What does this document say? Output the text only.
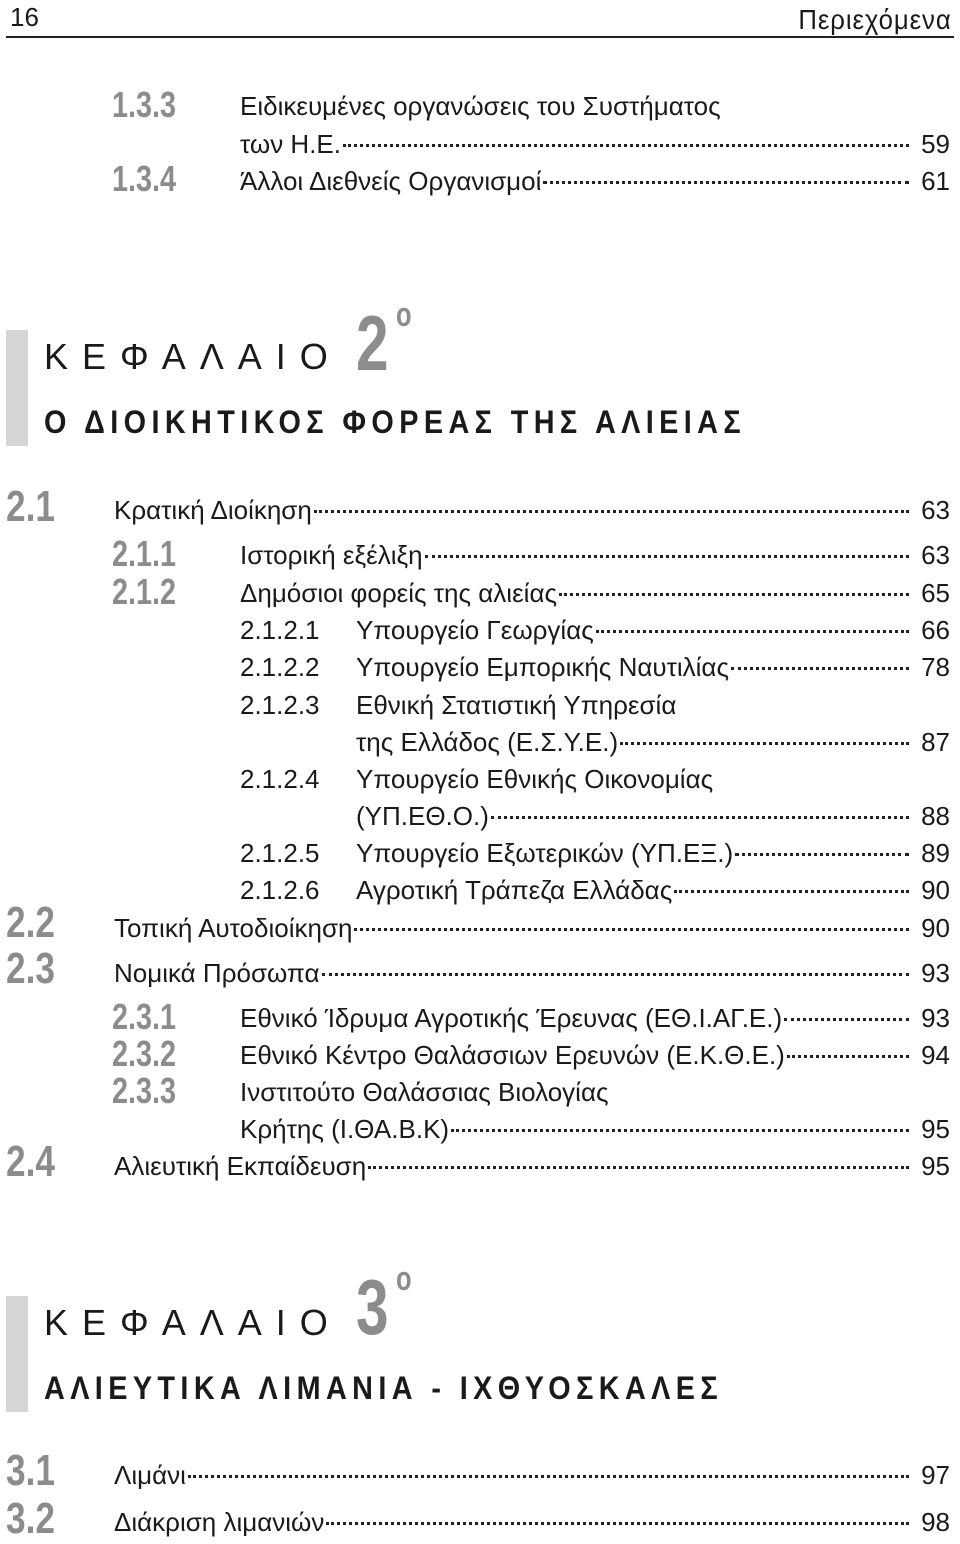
16	Περιεχόμενα
1.3.3 Ειδικευμένες οργανώσεις του Συστήματος
των Η.Ε.	59
1.3.4 Άλλοι Διεθνείς Οργανισμοί	61
ΚΕΦΑΛΑΙΟ 2 ο
Ο ΔΙΟΙΚΗΤΙΚΟΣ ΦΟΡΕΑΣ ΤΗΣ ΑΛΙΕΙΑΣ
2.1 Κρατική Διοίκηση	63
2.1.1 Ιστορική εξέλιξη	63
2.1.2 Δημόσιοι φορείς της αλιείας	65
2.1.2.1	Υπουργείο Γεωργίας	66
2.1.2.2	Υπουργείο Εμπορικής Ναυτιλίας	78
2.1.2.3 Εθνική Στατιστική Υπηρεσία
της Ελλάδος (Ε.Σ.Υ.Ε.)	87
2.1.2.4 Υπουργείο Εθνικής Οικονομίας
(ΥΠ.ΕΘ.Ο.)	88
2.1.2.5	Υπουργείο Εξωτερικών (ΥΠ.ΕΞ.)	89
2.1.2.6	Αγροτική Τράπεζα Ελλάδας	90
2.2 Τοπική Αυτοδιοίκηση	90
2.3 Νομικά Πρόσωπα	93
2.3.1 Εθνικό Ίδρυμα Αγροτικής Έρευνας (ΕΘ.Ι.ΑΓ.Ε.)	93
2.3.2 Εθνικό Κέντρο Θαλάσσιων Ερευνών (Ε.Κ.Θ.Ε.)	94
2.3.3 Ινστιτούτο Θαλάσσιας Βιολογίας
Κρήτης (Ι.ΘΑ.Β.Κ)	95
2.4 Αλιευτική Εκπαίδευση	95
ΚΕΦΑΛΑΙΟ 3 ο
ΑΛΙΕΥΤΙΚΑ ΛΙΜΑΝΙΑ - ΙΧΘΥΟΣΚΑΛΕΣ
3.1 Λιμάνι	97
3.2 Διάκριση λιμανιών	98
